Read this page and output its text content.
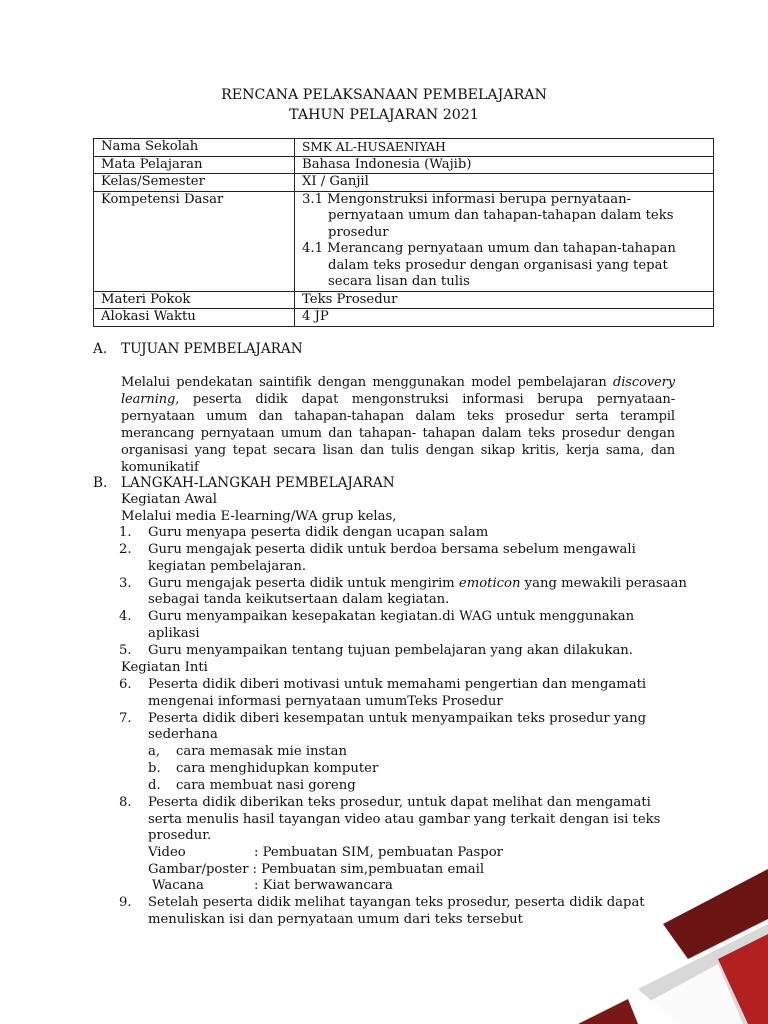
RENCANA PELAKSANAAN PEMBELAJARAN
TAHUN PELAJARAN 2021
Nama Sekolah	SMK AL-HUSAENIYAH
Mata Pelajaran	Bahasa Indonesia (Wajib)
Kelas/Semester	XI / Ganjil
Kompetensi Dasar	3.1 Mengonstruksi informasi berupa pernyataan-pernyataan umum dan tahapan-tahapan dalam teks prosedur
4.1 Merancang pernyataan umum dan tahapan-tahapan dalam teks prosedur dengan organisasi yang tepat secara lisan dan tulis

Materi Pokok	Teks Prosedur
Alokasi Waktu	4 JP
A. TUJUAN PEMBELAJARAN
Melalui pendekatan saintifik dengan menggunakan model pembelajaran discovery learning, peserta didik dapat mengonstruksi informasi berupa pernyataan-pernyataan umum dan tahapan-tahapan dalam teks prosedur serta terampil merancang pernyataan umum dan tahapan- tahapan dalam teks prosedur dengan organisasi yang tepat secara lisan dan tulis dengan sikap kritis, kerja sama, dan komunikatif
B. LANGKAH-LANGKAH PEMBELAJARAN
Kegiatan Awal
Melalui media E-learning/WA grup kelas,
1. Guru menyapa peserta didik dengan ucapan salam
2. Guru mengajak peserta didik untuk berdoa bersama sebelum mengawali kegiatan pembelajaran.
3. Guru mengajak peserta didik untuk mengirim emoticon yang mewakili perasaan sebagai tanda keikutsertaan dalam kegiatan.
4. Guru menyampaikan kesepakatan kegiatan.di WAG untuk menggunakan aplikasi
5. Guru menyampaikan tentang tujuan pembelajaran yang akan dilakukan.
Kegiatan Inti
6. Peserta didik diberi motivasi untuk memahami pengertian dan mengamati mengenai informasi pernyataan umumTeks Prosedur
7. Peserta didik diberi kesempatan untuk menyampaikan teks prosedur yang sederhana
a, cara memasak mie instan
b. cara menghidupkan komputer
d. cara membuat nasi goreng
8. Peserta didik diberikan teks prosedur, untuk dapat melihat dan mengamati serta menulis hasil tayangan video atau gambar yang terkait dengan isi teks prosedur.
Video	: Pembuatan SIM, pembuatan Paspor
Gambar/poster : Pembuatan sim,pembuatan email
Wacana	: Kiat berwawancara
9. Setelah peserta didik melihat tayangan teks prosedur, peserta didik dapat menuliskan isi dan pernyataan umum dari teks tersebut
